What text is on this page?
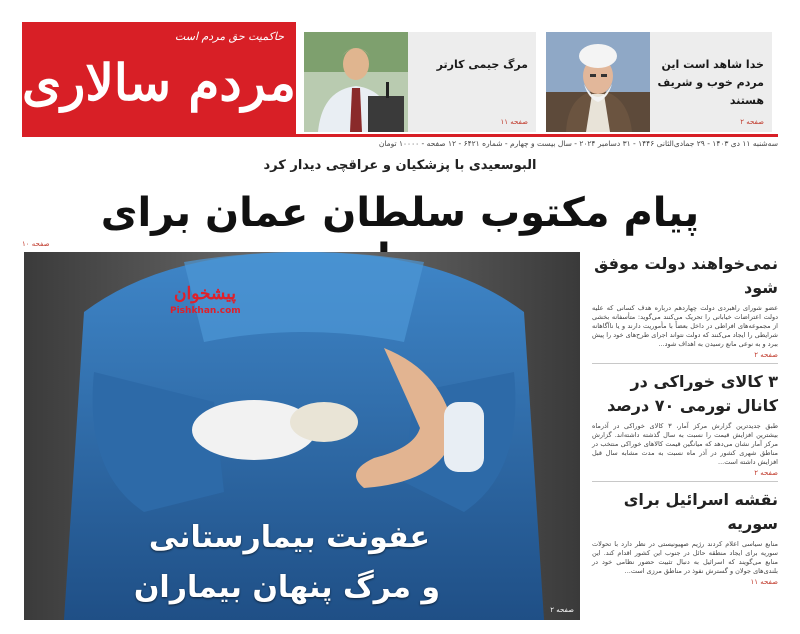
حاکمیت حق مردم است
مردم سالاری	خدا شاهد است این مردم خوب و شریف هستند
صفحه ۲
مرگ جیمی کارتر
صفحه ۱۱
سه‌شنبه ۱۱ دی ۱۴۰۳ - ۲۹ جمادی‌الثانی ۱۴۴۶ - ۳۱ دسامبر ۲۰۲۴ - سال بیست و چهارم - شماره ۶۴۲۱ - ۱۲ صفحه - ۱۰۰۰۰ تومان
البوسعیدی با پزشکیان و عراقچی دیدار کرد
پیام مکتوب سلطان عمان برای
صفحه ۱۰
پیشخوان
Pishkhan.com
عفونت بیمارستانی
و مرگ پنهان بیماران
صفحه ۲
نمی‌خواهند دولت موفق شود

عضو شورای راهبردی دولت چهاردهم درباره هدف کسانی که علیه دولت اعتراضات خیابانی را تحریک می‌کنند می‌گوید: متأسفانه بخشی از مجموعه‌های افراطی در داخل بعضاً با مأموریت دارند و یا ناآگاهانه شرایطی را ایجاد می‌کنند که دولت نتواند اجرای طرح‌های خود را پیش ببرد و به نوعی مانع رسیدن به اهداف شود...

صفحه ۲
۳ کالای خوراکی در کانال تورمی ۷۰ درصد

طبق جدیدترین گزارش مرکز آمار، ۳ کالای خوراکی در آذرماه بیشترین افزایش قیمت را نسبت به سال گذشته داشته‌اند. گزارش مرکز آمار نشان می‌دهد که میانگین قیمت کالاهای خوراکی منتخب در مناطق شهری کشور در آذر ماه نسبت به مدت مشابه سال قبل افزایش داشته است...

صفحه ۲
نقشه اسرائیل برای سوریه

منابع سیاسی اعلام کردند رژیم صهیونیستی در نظر دارد با تحولات سوریه برای ایجاد منطقه حائل در جنوب این کشور اقدام کند. این منابع می‌گویند که اسرائیل به دنبال تثبیت حضور نظامی خود در بلندی‌های جولان و گسترش نفوذ در مناطق مرزی است...

صفحه ۱۱
